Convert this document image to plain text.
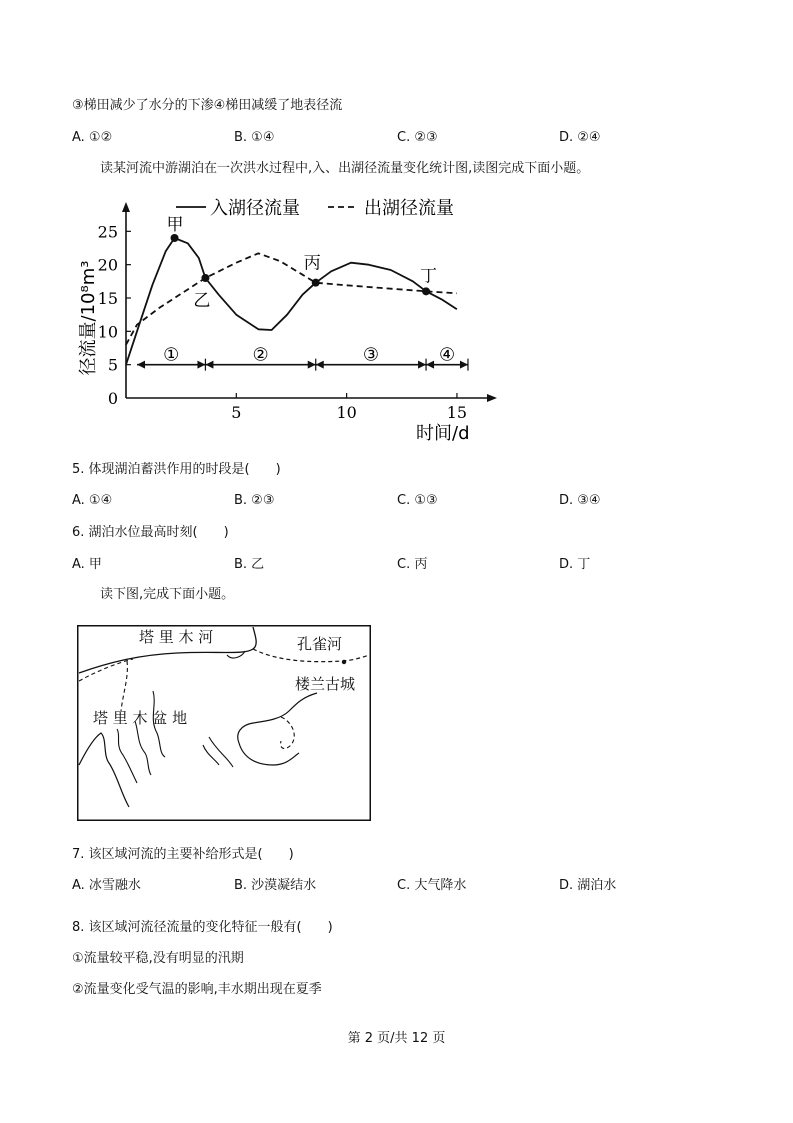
③梯田减少了水分的下渗④梯田减缓了地表径流
A. ①②	B. ①④	C. ②③	D. ②④
读某河流中游湖泊在一次洪水过程中,入、出湖径流量变化统计图,读图完成下面小题。
0
5
10
15
20
25
5	10	15
时间/d
径流量/10⁸m³
入湖径流量	出湖径流量
甲
乙
丙
丁
①	②	③	④
5. 体现湖泊蓄洪作用的时段是(　　)
A. ①④	B. ②③	C. ①③	D. ③④
6. 湖泊水位最高时刻(　　)
A. 甲	B. 乙	C. 丙	D. 丁
读下图,完成下面小题。
塔 里 木 河	孔雀河
楼兰古城
塔 里 木 盆 地
7. 该区域河流的主要补给形式是(　　)
A. 冰雪融水	B. 沙漠凝结水	C. 大气降水	D. 湖泊水
8. 该区域河流径流量的变化特征一般有(　　)
①流量较平稳,没有明显的汛期
②流量变化受气温的影响,丰水期出现在夏季
第 2 页/共 12 页
